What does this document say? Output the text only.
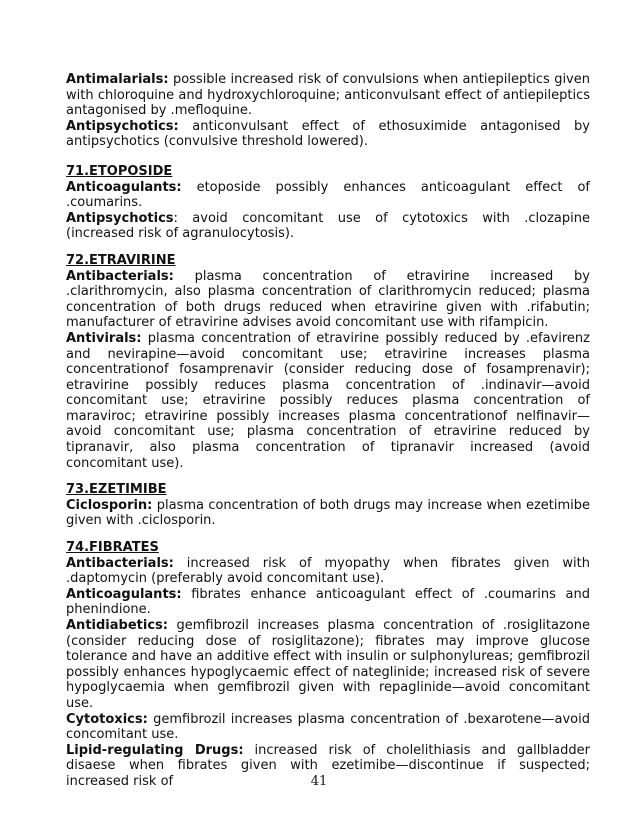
Antimalarials: possible increased risk of convulsions when antiepileptics given with chloroquine and hydroxychloroquine; anticonvulsant effect of antiepileptics antagonised by .mefloquine.

Antipsychotics: anticonvulsant effect of ethosuximide antagonised by antipsychotics (convulsive threshold lowered).

71.ETOPOSIDE

Anticoagulants: etoposide possibly enhances anticoagulant effect of .coumarins.

Antipsychotics: avoid concomitant use of cytotoxics with .clozapine (increased risk of agranulocytosis).

72.ETRAVIRINE

Antibacterials: plasma concentration of etravirine increased by .clarithromycin, also plasma concentration of clarithromycin reduced; plasma concentration of both drugs reduced when etravirine given with .rifabutin; manufacturer of etravirine advises avoid concomitant use with rifampicin.

Antivirals: plasma concentration of etravirine possibly reduced by .efavirenz and nevirapine—avoid concomitant use; etravirine increases plasma concentrationof fosamprenavir (consider reducing dose of fosamprenavir); etravirine possibly reduces plasma concentration of .indinavir—avoid concomitant use; etravirine possibly reduces plasma concentration of maraviroc; etravirine possibly increases plasma concentrationof nelfinavir—avoid concomitant use; plasma concentration of etravirine reduced by tipranavir, also plasma concentration of tipranavir increased (avoid concomitant use).

73.EZETIMIBE

Ciclosporin: plasma concentration of both drugs may increase when ezetimibe given with .ciclosporin.

74.FIBRATES

Antibacterials: increased risk of myopathy when fibrates given with .daptomycin (preferably avoid concomitant use).

Anticoagulants: fibrates enhance anticoagulant effect of .coumarins and phenindione.

Antidiabetics: gemfibrozil increases plasma concentration of .rosiglitazone (consider reducing dose of rosiglitazone); fibrates may improve glucose tolerance and have an additive effect with insulin or sulphonylureas; gemfibrozil possibly enhances hypoglycaemic effect of nateglinide; increased risk of severe hypoglycaemia when gemfibrozil given with repaglinide—avoid concomitant use.

Cytotoxics: gemfibrozil increases plasma concentration of .bexarotene—avoid concomitant use.

Lipid-regulating Drugs: increased risk of cholelithiasis and gallbladder disaese when fibrates given with ezetimibe—discontinue if suspected; increased risk of	41
